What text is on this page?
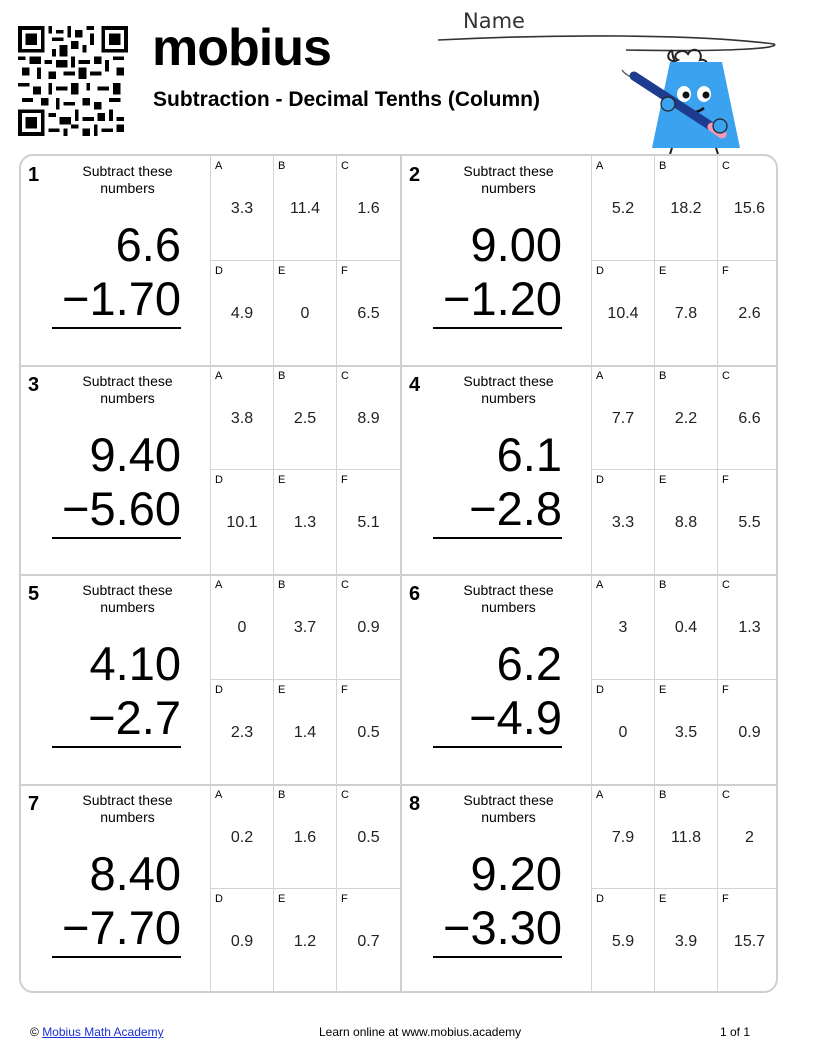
mobius
Subtraction - Decimal Tenths (Column)
Name
1	Subtract these numbers
6.6
−1.70
A
3.3
B
11.4
C
1.6
D
4.9
E
0
F
6.5
2	Subtract these numbers
9.00
−1.20
A
5.2
B
18.2
C
15.6
D
10.4
E
7.8
F
2.6
3	Subtract these numbers
9.40
−5.60
A
3.8
B
2.5
C
8.9
D
10.1
E
1.3
F
5.1
4	Subtract these numbers
6.1
−2.8
A
7.7
B
2.2
C
6.6
D
3.3
E
8.8
F
5.5
5	Subtract these numbers
4.10
−2.7
A
0
B
3.7
C
0.9
D
2.3
E
1.4
F
0.5
6	Subtract these numbers
6.2
−4.9
A
3
B
0.4
C
1.3
D
0
E
3.5
F
0.9
7	Subtract these numbers
8.40
−7.70
A
0.2
B
1.6
C
0.5
D
0.9
E
1.2
F
0.7
8	Subtract these numbers
9.20
−3.30
A
7.9
B
11.8
C
2
D
5.9
E
3.9
F
15.7
© Mobius Math Academy	Learn online at www.mobius.academy	1 of 1
